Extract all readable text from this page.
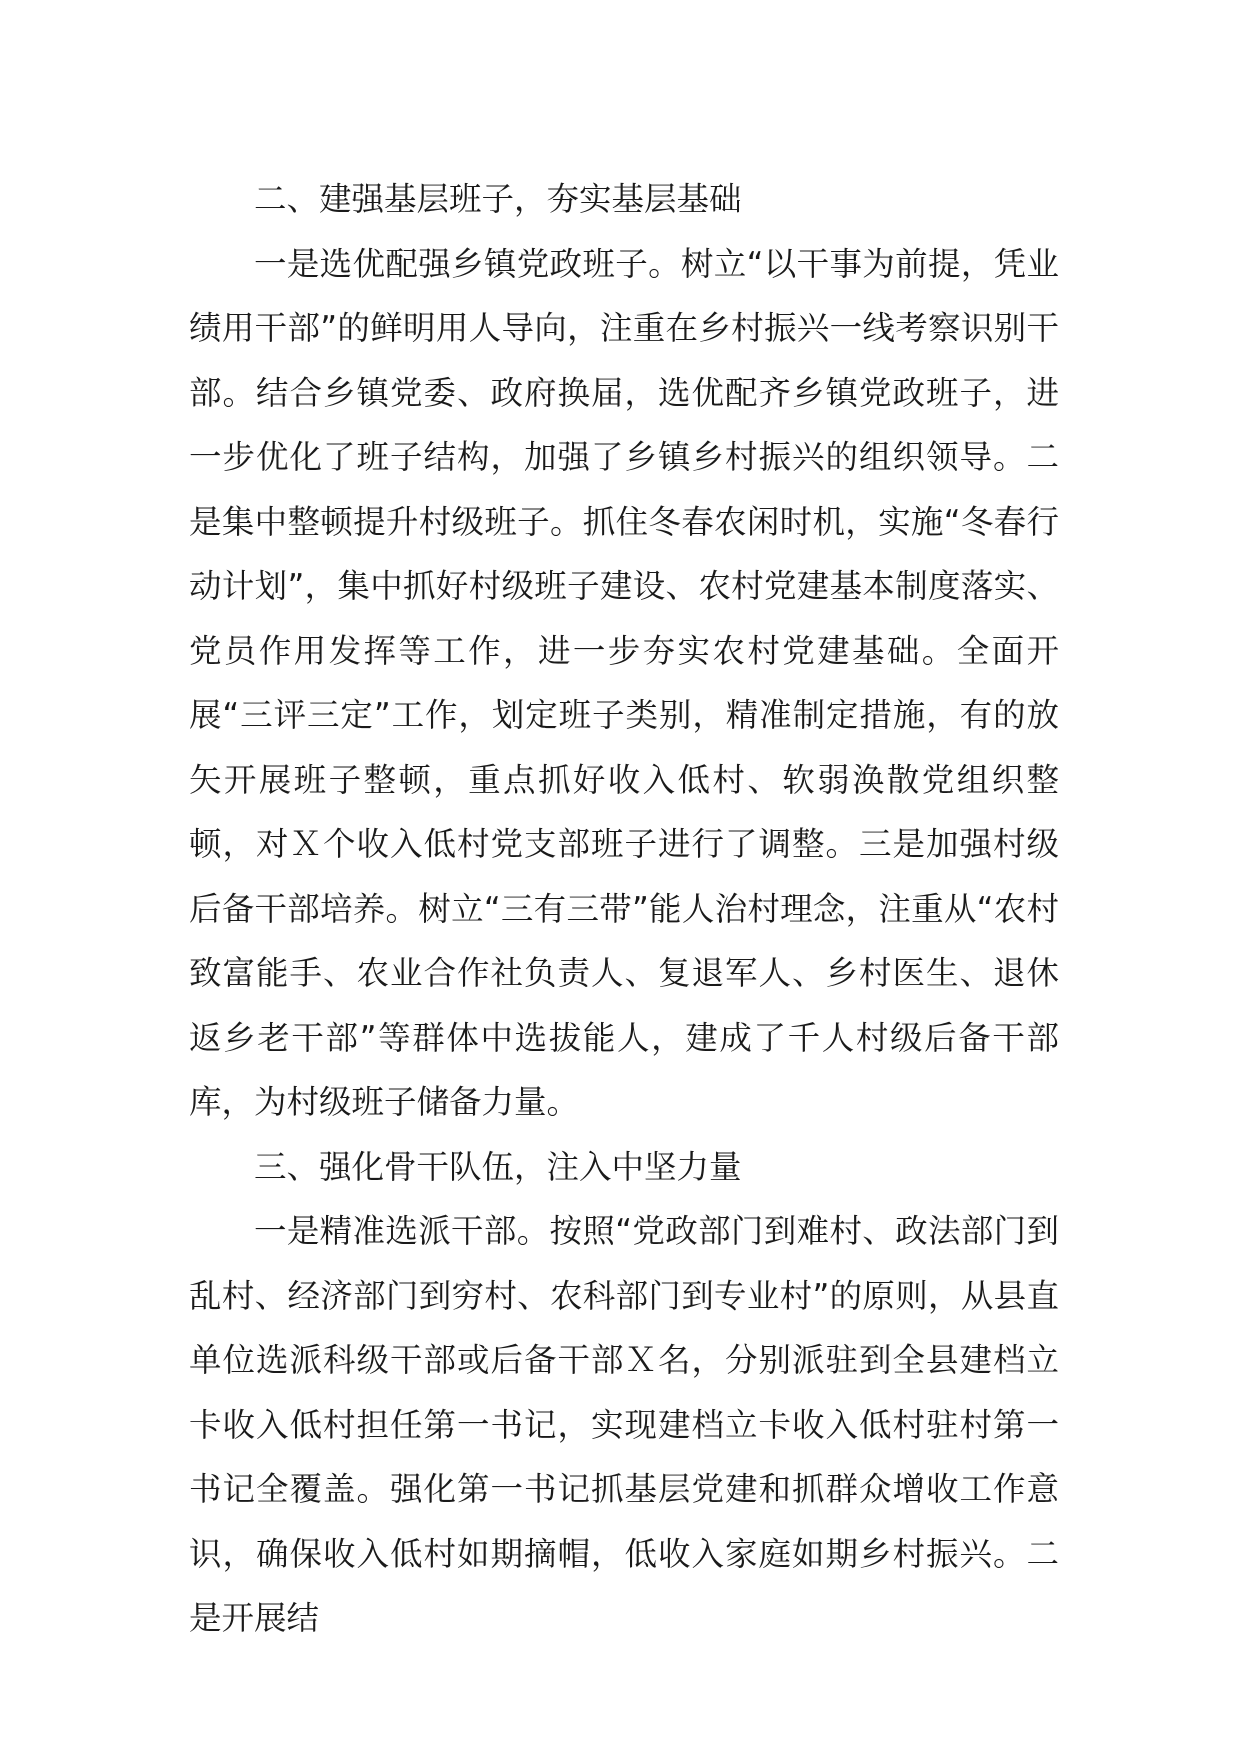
二、建强基层班子，夯实基层基础

一是选优配强乡镇党政班子。树立“以干事为前提，凭业绩用干部”的鲜明用人导向，注重在乡村振兴一线考察识别干部。结合乡镇党委、政府换届，选优配齐乡镇党政班子，进一步优化了班子结构，加强了乡镇乡村振兴的组织领导。二是集中整顿提升村级班子。抓住冬春农闲时机，实施“冬春行动计划”，集中抓好村级班子建设、农村党建基本制度落实、党员作用发挥等工作，进一步夯实农村党建基础。全面开展“三评三定”工作，划定班子类别，精准制定措施，有的放矢开展班子整顿，重点抓好收入低村、软弱涣散党组织整顿，对Ｘ个收入低村党支部班子进行了调整。三是加强村级后备干部培养。树立“三有三带”能人治村理念，注重从“农村致富能手、农业合作社负责人、复退军人、乡村医生、退休返乡老干部”等群体中选拔能人，建成了千人村级后备干部库，为村级班子储备力量。

三、强化骨干队伍，注入中坚力量

一是精准选派干部。按照“党政部门到难村、政法部门到乱村、经济部门到穷村、农科部门到专业村”的原则，从县直单位选派科级干部或后备干部Ｘ名，分别派驻到全县建档立卡收入低村担任第一书记，实现建档立卡收入低村驻村第一书记全覆盖。强化第一书记抓基层党建和抓群众增收工作意识，确保收入低村如期摘帽，低收入家庭如期乡村振兴。二是开展结
